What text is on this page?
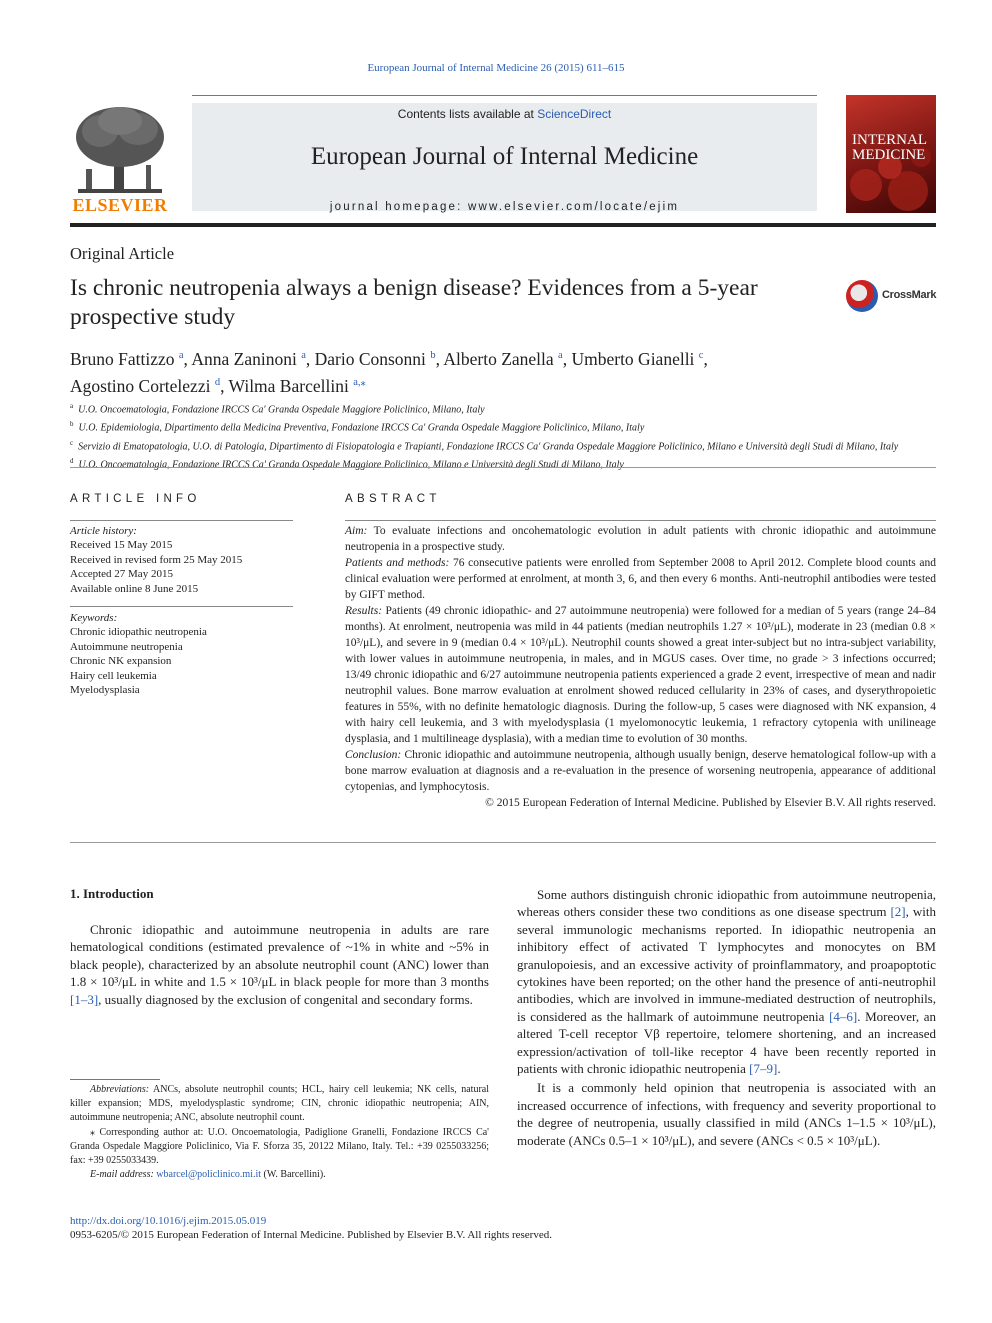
European Journal of Internal Medicine 26 (2015) 611–615
ELSEVIER
Contents lists available at ScienceDirect
European Journal of Internal Medicine
journal homepage: www.elsevier.com/locate/ejim
INTERNAL MEDICINE
Original Article
Is chronic neutropenia always a benign disease? Evidences from a 5-year prospective study
CrossMark
Bruno Fattizzo $^a$, Anna Zaninoni $^a$, Dario Consonni $^b$, Alberto Zanella $^a$, Umberto Gianelli $^c$,
Agostino Cortelezzi $^d$, Wilma Barcellini $^{a,⁎}$
$^a$ U.O. Oncoematologia, Fondazione IRCCS Ca' Granda Ospedale Maggiore Policlinico, Milano, Italy
$^b$ U.O. Epidemiologia, Dipartimento della Medicina Preventiva, Fondazione IRCCS Ca' Granda Ospedale Maggiore Policlinico, Milano, Italy
$^c$ Servizio di Ematopatologia, U.O. di Patologia, Dipartimento di Fisiopatologia e Trapianti, Fondazione IRCCS Ca' Granda Ospedale Maggiore Policlinico, Milano e Università degli Studi di Milano, Italy
$^d$ U.O. Oncoematologia, Fondazione IRCCS Ca' Granda Ospedale Maggiore Policlinico, Milano e Università degli Studi di Milano, Italy
ARTICLE INFO	ABSTRACT
Article history:
Received 15 May 2015
Received in revised form 25 May 2015
Accepted 27 May 2015
Available online 8 June 2015
Keywords:
Chronic idiopathic neutropenia
Autoimmune neutropenia
Chronic NK expansion
Hairy cell leukemia
Myelodysplasia

Aim: To evaluate infections and oncohematologic evolution in adult patients with chronic idiopathic and autoimmune neutropenia in a prospective study.

Patients and methods: 76 consecutive patients were enrolled from September 2008 to April 2012. Complete blood counts and clinical evaluation were performed at enrolment, at month 3, 6, and then every 6 months. Anti-neutrophil antibodies were tested by GIFT method.

Results: Patients (49 chronic idiopathic- and 27 autoimmune neutropenia) were followed for a median of 5 years (range 24–84 months). At enrolment, neutropenia was mild in 44 patients (median neutrophils 1.27 × 10³/μL), moderate in 23 (median 0.8 × 10³/μL), and severe in 9 (median 0.4 × 10³/μL). Neutrophil counts showed a great inter-subject but no intra-subject variability, with lower values in autoimmune neutropenia, in males, and in MGUS cases. Over time, no grade > 3 infections occurred; 13/49 chronic idiopathic and 6/27 autoimmune neutropenia patients experienced a grade 2 event, irrespective of mean and nadir neutrophil values. Bone marrow evaluation at enrolment showed reduced cellularity in 23% of cases, and dyserythropoietic features in 55%, with no definite hematologic diagnosis. During the follow-up, 5 cases were diagnosed with NK expansion, 4 with hairy cell leukemia, and 3 with myelodysplasia (1 myelomonocytic leukemia, 1 refractory cytopenia with unilineage dysplasia, and 1 multilineage dysplasia), with a median time to evolution of 30 months.

Conclusion: Chronic idiopathic and autoimmune neutropenia, although usually benign, deserve hematological follow-up with a bone marrow evaluation at diagnosis and a re-evaluation in the presence of worsening neutropenia, appearance of additional cytopenias, and lymphocytosis.

© 2015 European Federation of Internal Medicine. Published by Elsevier B.V. All rights reserved.

1. Introduction

Chronic idiopathic and autoimmune neutropenia in adults are rare hematological conditions (estimated prevalence of ~1% in white and ~5% in black people), characterized by an absolute neutrophil count (ANC) lower than 1.8 × 10³/μL in white and 1.5 × 10³/μL in black people for more than 3 months [1–3], usually diagnosed by the exclusion of congenital and secondary forms.

Some authors distinguish chronic idiopathic from autoimmune neutropenia, whereas others consider these two conditions as one disease spectrum [2], with several immunologic mechanisms reported. In idiopathic neutropenia an inhibitory effect of activated T lymphocytes and monocytes on BM granulopoiesis, and an excessive activity of proinflammatory, and proapoptotic cytokines have been reported; on the other hand the presence of anti-neutrophil antibodies, which are involved in immune-mediated destruction of neutrophils, is considered as the hallmark of autoimmune neutropenia [4–6]. Moreover, an altered T-cell receptor Vβ repertoire, telomere shortening, and an increased expression/activation of toll-like receptor 4 have been recently reported in patients with chronic idiopathic neutropenia [7–9].

It is a commonly held opinion that neutropenia is associated with an increased occurrence of infections, with frequency and severity proportional to the degree of neutropenia, usually classified in mild (ANCs 1–1.5 × 10³/μL), moderate (ANCs 0.5–1 × 10³/μL), and severe (ANCs < 0.5 × 10³/μL).

Abbreviations: ANCs, absolute neutrophil counts; HCL, hairy cell leukemia; NK cells, natural killer expansion; MDS, myelodysplastic syndrome; CIN, chronic idiopathic neutropenia; AIN, autoimmune neutropenia; ANC, absolute neutrophil count.

⁎ Corresponding author at: U.O. Oncoematologia, Padiglione Granelli, Fondazione IRCCS Ca' Granda Ospedale Maggiore Policlinico, Via F. Sforza 35, 20122 Milano, Italy. Tel.: +39 0255033256; fax: +39 0255033439.

E-mail address: wbarcel@policlinico.mi.it (W. Barcellini).

http://dx.doi.org/10.1016/j.ejim.2015.05.019
0953-6205/© 2015 European Federation of Internal Medicine. Published by Elsevier B.V. All rights reserved.
